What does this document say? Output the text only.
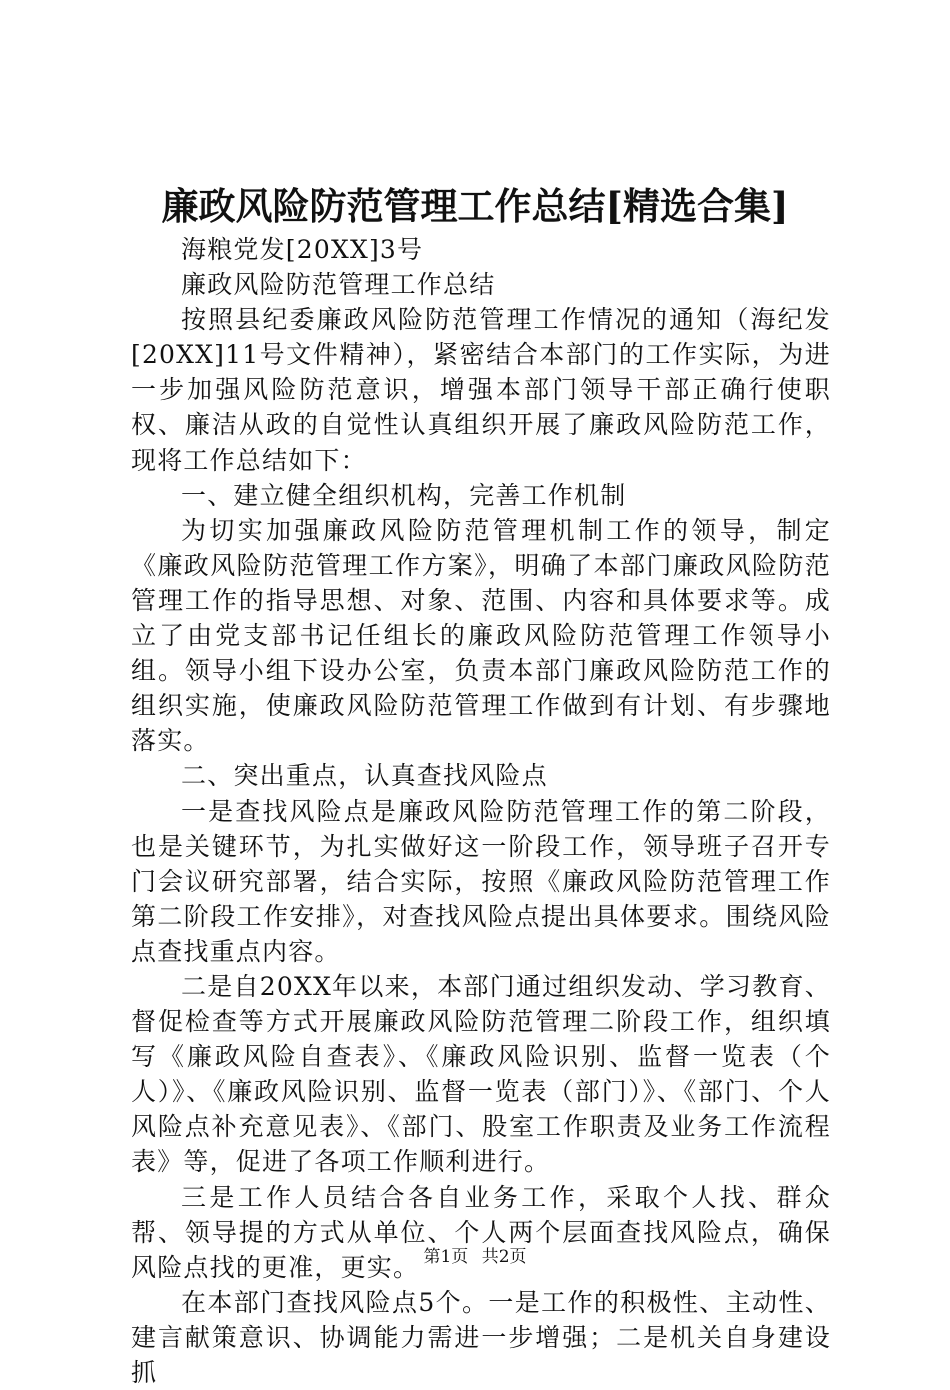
廉政风险防范管理工作总结[精选合集]

海粮党发[20XX]3号

廉政风险防范管理工作总结

按照县纪委廉政风险防范管理工作情况的通知（海纪发[20XX]11号文件精神），紧密结合本部门的工作实际，为进一步加强风险防范意识，增强本部门领导干部正确行使职权、廉洁从政的自觉性认真组织开展了廉政风险防范工作，现将工作总结如下：

一、建立健全组织机构，完善工作机制

为切实加强廉政风险防范管理机制工作的领导，制定《廉政风险防范管理工作方案》，明确了本部门廉政风险防范管理工作的指导思想、对象、范围、内容和具体要求等。成立了由党支部书记任组长的廉政风险防范管理工作领导小组。领导小组下设办公室，负责本部门廉政风险防范工作的组织实施，使廉政风险防范管理工作做到有计划、有步骤地落实。

二、突出重点，认真查找风险点

一是查找风险点是廉政风险防范管理工作的第二阶段，也是关键环节，为扎实做好这一阶段工作，领导班子召开专门会议研究部署，结合实际，按照《廉政风险防范管理工作第二阶段工作安排》，对查找风险点提出具体要求。围绕风险点查找重点内容。

二是自20XX年以来，本部门通过组织发动、学习教育、督促检查等方式开展廉政风险防范管理二阶段工作，组织填写《廉政风险自查表》、《廉政风险识别、监督一览表（个人）》、《廉政风险识别、监督一览表（部门）》、《部门、个人风险点补充意见表》、《部门、股室工作职责及业务工作流程表》等，促进了各项工作顺利进行。

三是工作人员结合各自业务工作，采取个人找、群众帮、领导提的方式从单位、个人两个层面查找风险点，确保风险点找的更准，更实。

在本部门查找风险点5个。一是工作的积极性、主动性、建言献策意识、协调能力需进一步增强；二是机关自身建设抓

第1页 共2页
